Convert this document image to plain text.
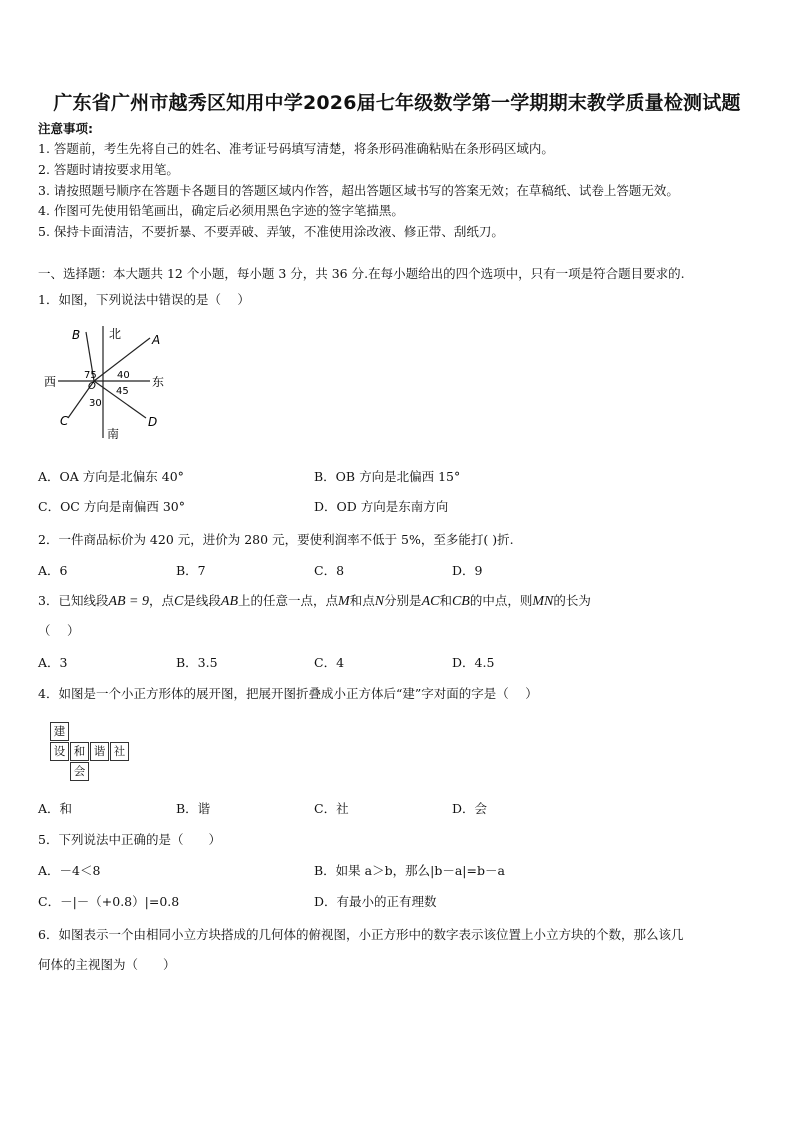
广东省广州市越秀区知用中学2026届七年级数学第一学期期末教学质量检测试题
注意事项:
1. 答题前，考生先将自己的姓名、准考证号码填写清楚，将条形码准确粘贴在条形码区域内。
2. 答题时请按要求用笔。
3. 请按照题号顺序在答题卡各题目的答题区域内作答，超出答题区域书写的答案无效；在草稿纸、试卷上答题无效。
4. 作图可先使用铅笔画出，确定后必须用黑色字迹的签字笔描黑。
5. 保持卡面清洁，不要折暴、不要弄破、弄皱，不准使用涂改液、修正带、刮纸刀。
一、选择题：本大题共 12 个小题，每小题 3 分，共 36 分.在每小题给出的四个选项中，只有一项是符合题目要求的.
1．如图，下列说法中错误的是（　 ）
北
南
东
西
B	A
C	D
O
40
75
45
30
A．OA 方向是北偏东 40°	B．OB 方向是北偏西 15°
C．OC 方向是南偏西 30°	D．OD 方向是东南方向
2．一件商品标价为 420 元，进价为 280 元，要使利润率不低于 5%，至多能打( )折.
A．6	B．7	C．8	D．9
3．已知线段AB = 9，点C是线段AB上的任意一点，点M和点N分别是AC和CB的中点，则MN的长为
（　 ）
A．3	B．3.5	C．4	D．4.5
4．如图是一个小正方形体的展开图，把展开图折叠成小正方体后“建”字对面的字是（　 ）
建
设 和 谐 社
会
A．和	B．谐	C．社	D．会
5．下列说法中正确的是（　　）
A．－4＜8	B．如果 a＞b，那么|b－a|=b－a
C．－|－（+0.8）|=0.8	D．有最小的正有理数
6．如图表示一个由相同小立方块搭成的几何体的俯视图，小正方形中的数字表示该位置上小立方块的个数，那么该几
何体的主视图为（　　）
